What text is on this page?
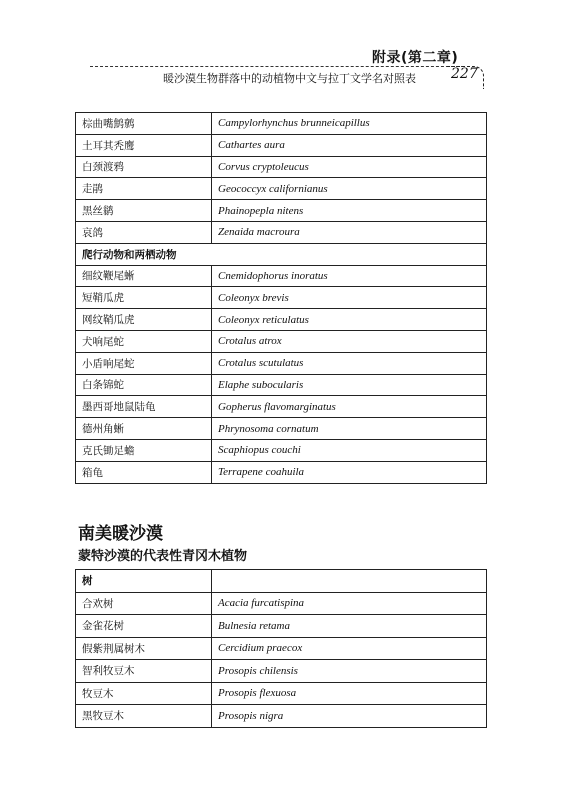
附录(第二章)
暖沙漠生物群落中的动植物中文与拉丁文学名对照表	227
棕曲嘴鹪鹩	Campylorhynchus brunneicapillus
土耳其秃鹰	Cathartes aura
白颈渡鸦	Corvus cryptoleucus
走鹃	Geococcyx californianus
黑丝鹟	Phainopepla nitens
哀鸽	Zenaida macroura
爬行动物和两栖动物	
细纹鞭尾蜥	Cnemidophorus inoratus
短鞘瓜虎	Coleonyx brevis
网纹鞘瓜虎	Coleonyx reticulatus
犬响尾蛇	Crotalus atrox
小盾响尾蛇	Crotalus scutulatus
白条锦蛇	Elaphe subocularis
墨西哥地鼠陆龟	Gopherus flavomarginatus
德州角蜥	Phrynosoma cornatum
克氏锄足蟾	Scaphiopus couchi
箱龟	Terrapene coahuila
南美暖沙漠
蒙特沙漠的代表性青冈木植物
树	
合欢树	Acacia furcatispina
金雀花树	Bulnesia retama
假紫荆属树木	Cercidium praecox
智利牧豆木	Prosopis chilensis
牧豆木	Prosopis flexuosa
黑牧豆木	Prosopis nigra
